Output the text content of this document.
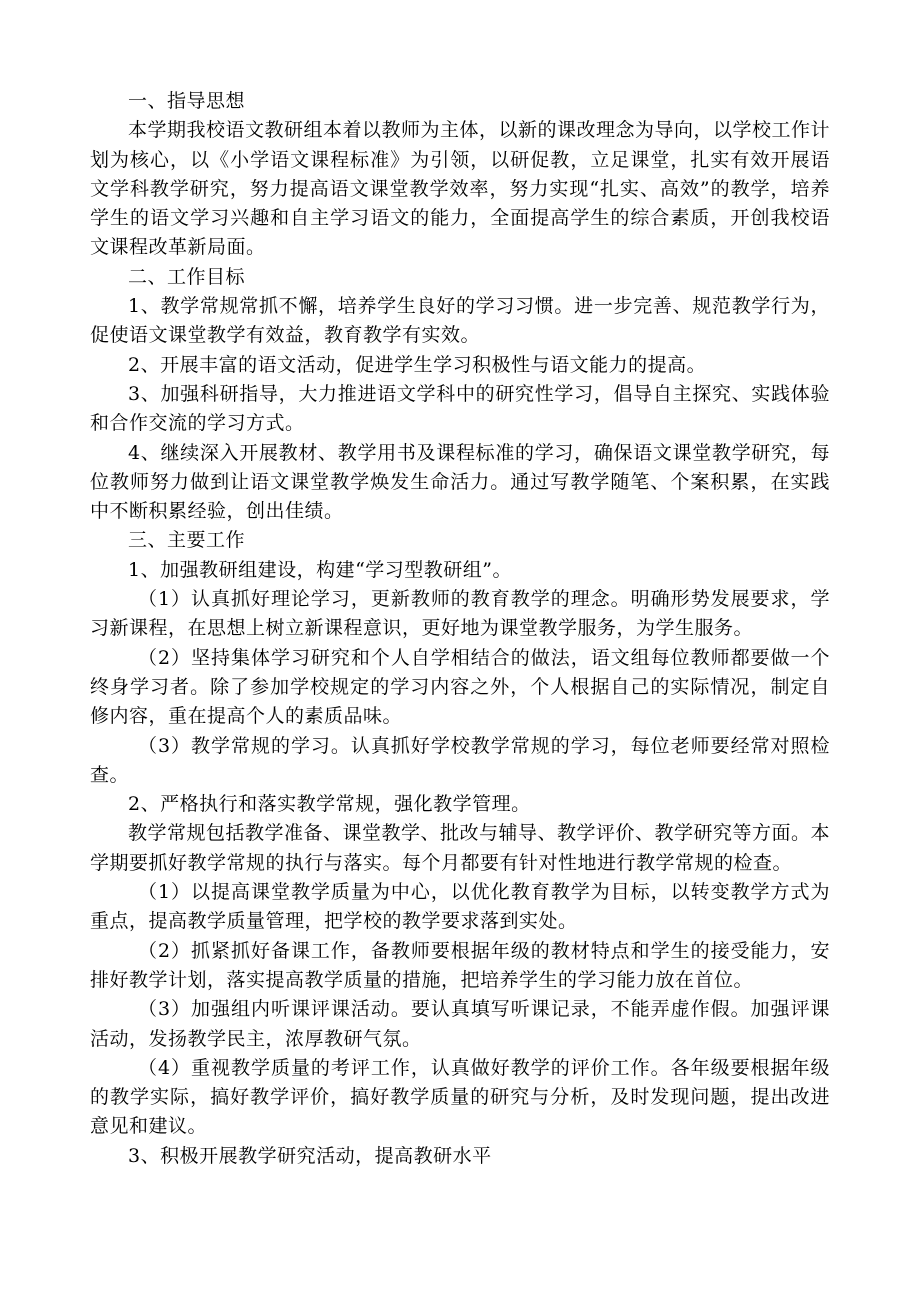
一、指导思想

本学期我校语文教研组本着以教师为主体，以新的课改理念为导向，以学校工作计划为核心，以《小学语文课程标准》为引领，以研促教，立足课堂，扎实有效开展语文学科教学研究，努力提高语文课堂教学效率，努力实现“扎实、高效”的教学，培养学生的语文学习兴趣和自主学习语文的能力，全面提高学生的综合素质，开创我校语文课程改革新局面。

二、工作目标

1、教学常规常抓不懈，培养学生良好的学习习惯。进一步完善、规范教学行为，促使语文课堂教学有效益，教育教学有实效。

2、开展丰富的语文活动，促进学生学习积极性与语文能力的提高。

3、加强科研指导，大力推进语文学科中的研究性学习，倡导自主探究、实践体验和合作交流的学习方式。

4、继续深入开展教材、教学用书及课程标准的学习，确保语文课堂教学研究，每位教师努力做到让语文课堂教学焕发生命活力。通过写教学随笔、个案积累，在实践中不断积累经验，创出佳绩。

三、主要工作

1、加强教研组建设，构建“学习型教研组”。

（1）认真抓好理论学习，更新教师的教育教学的理念。明确形势发展要求，学习新课程，在思想上树立新课程意识，更好地为课堂教学服务，为学生服务。

（2）坚持集体学习研究和个人自学相结合的做法，语文组每位教师都要做一个终身学习者。除了参加学校规定的学习内容之外，个人根据自己的实际情况，制定自修内容，重在提高个人的素质品味。

（3）教学常规的学习。认真抓好学校教学常规的学习，每位老师要经常对照检查。

2、严格执行和落实教学常规，强化教学管理。

教学常规包括教学准备、课堂教学、批改与辅导、教学评价、教学研究等方面。本学期要抓好教学常规的执行与落实。每个月都要有针对性地进行教学常规的检查。

（1）以提高课堂教学质量为中心，以优化教育教学为目标，以转变教学方式为重点，提高教学质量管理，把学校的教学要求落到实处。

（2）抓紧抓好备课工作，备教师要根据年级的教材特点和学生的接受能力，安排好教学计划，落实提高教学质量的措施，把培养学生的学习能力放在首位。

（3）加强组内听课评课活动。要认真填写听课记录，不能弄虚作假。加强评课活动，发扬教学民主，浓厚教研气氛。

（4）重视教学质量的考评工作，认真做好教学的评价工作。各年级要根据年级的教学实际，搞好教学评价，搞好教学质量的研究与分析，及时发现问题，提出改进意见和建议。

3、积极开展教学研究活动，提高教研水平
